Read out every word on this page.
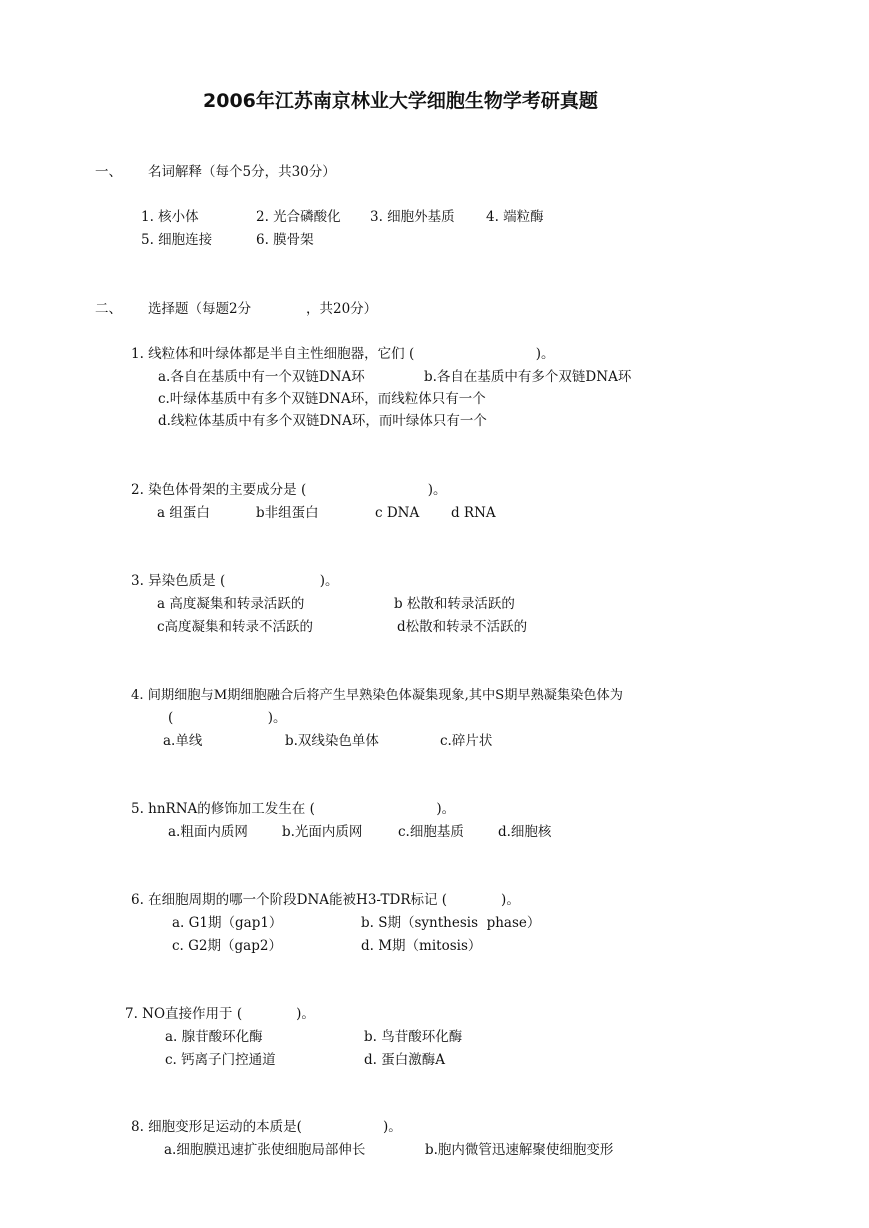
2006年江苏南京林业大学细胞生物学考研真题
一、 名词解释（每个5分，共30分）
1. 核小体	2. 光合磷酸化 3. 细胞外基质 4. 端粒酶
5. 细胞连接	6. 膜骨架
二、 选择题（每题2分	，共20分）
1. 线粒体和叶绿体都是半自主性细胞器，它们 (　　　　　　　　　)。
a.各自在基质中有一个双链DNA环	b.各自在基质中有多个双链DNA环
c.叶绿体基质中有多个双链DNA环，而线粒体只有一个
d.线粒体基质中有多个双链DNA环，而叶绿体只有一个
2. 染色体骨架的主要成分是 (　　　　　　　　　)。
a 组蛋白	b非组蛋白	c DNA d RNA
3. 异染色质是 (　　　　　　　)。
a 高度凝集和转录活跃的	b 松散和转录活跃的
c高度凝集和转录不活跃的	d松散和转录不活跃的
4. 间期细胞与M期细胞融合后将产生早熟染色体凝集现象,其中S期早熟凝集染色体为
(　　　　　　　)。
a.单线	b.双线染色单体	c.碎片状
5. hnRNA的修饰加工发生在 (　　　　　　　　　)。
a.粗面内质网	b.光面内质网	c.细胞基质	d.细胞核
6. 在细胞周期的哪一个阶段DNA能被H3-TDR标记 (　　　　)。
a. G1期（gap1）	b. S期（synthesis  phase）
c. G2期（gap2）	d. M期（mitosis）
7. NO直接作用于 (　　　　)。
a. 腺苷酸环化酶	b. 鸟苷酸环化酶
c. 钙离子门控通道	d. 蛋白激酶A
8. 细胞变形足运动的本质是(　　　　　　)。
a.细胞膜迅速扩张使细胞局部伸长	b.胞内微管迅速解聚使细胞变形
